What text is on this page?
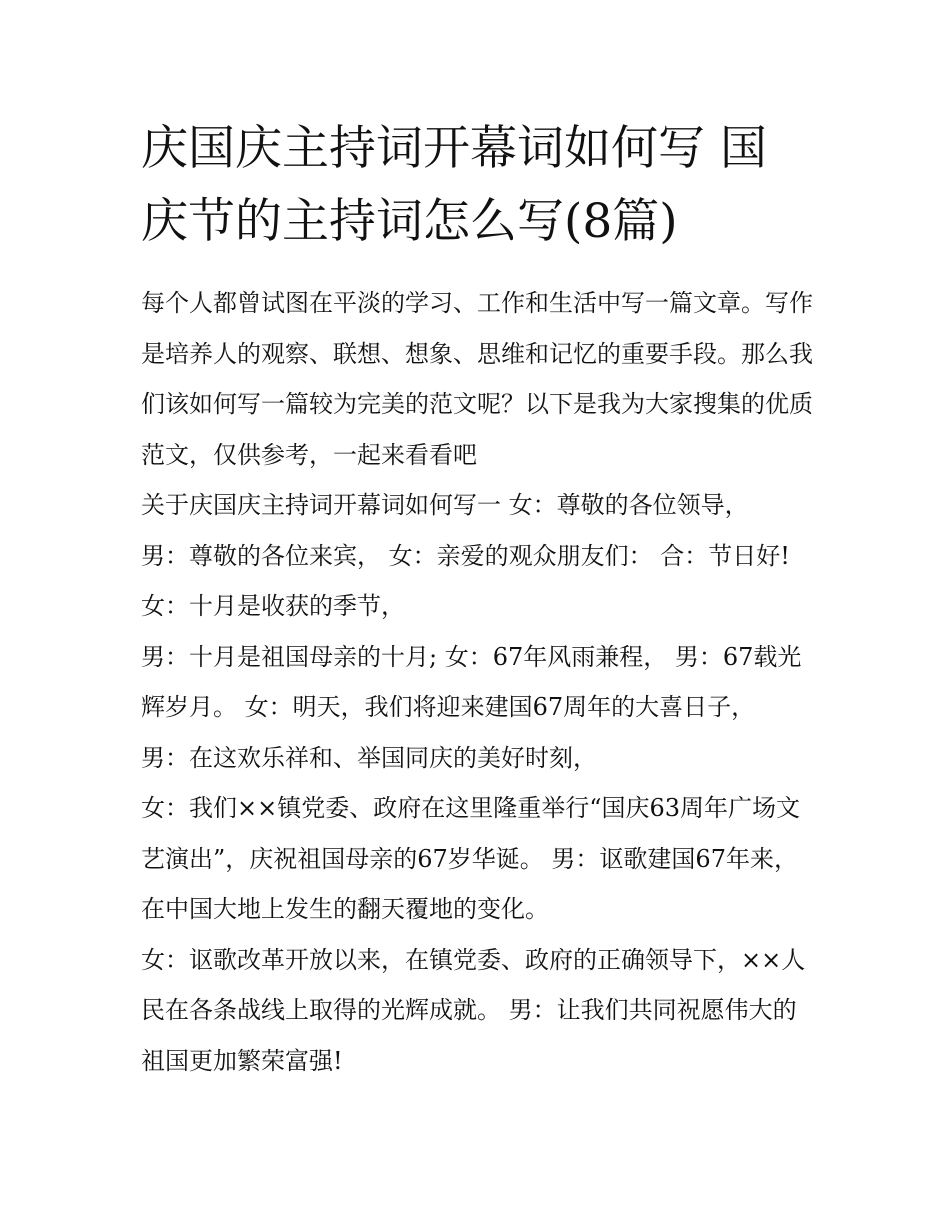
庆国庆主持词开幕词如何写 国庆节的主持词怎么写(8篇)

每个人都曾试图在平淡的学习、工作和生活中写一篇文章。写作是培养人的观察、联想、想象、思维和记忆的重要手段。那么我们该如何写一篇较为完美的范文呢？以下是我为大家搜集的优质范文，仅供参考，一起来看看吧

关于庆国庆主持词开幕词如何写一 女：尊敬的各位领导，

男：尊敬的各位来宾， 女：亲爱的观众朋友们： 合：节日好!

女：十月是收获的季节，

男：十月是祖国母亲的十月; 女：67年风雨兼程， 男：67载光辉岁月。 女：明天，我们将迎来建国67周年的大喜日子，

男：在这欢乐祥和、举国同庆的美好时刻，

女：我们××镇党委、政府在这里隆重举行“国庆63周年广场文艺演出”，庆祝祖国母亲的67岁华诞。 男：讴歌建国67年来，在中国大地上发生的翻天覆地的变化。

女：讴歌改革开放以来，在镇党委、政府的正确领导下，××人民在各条战线上取得的光辉成就。 男：让我们共同祝愿伟大的祖国更加繁荣富强!
